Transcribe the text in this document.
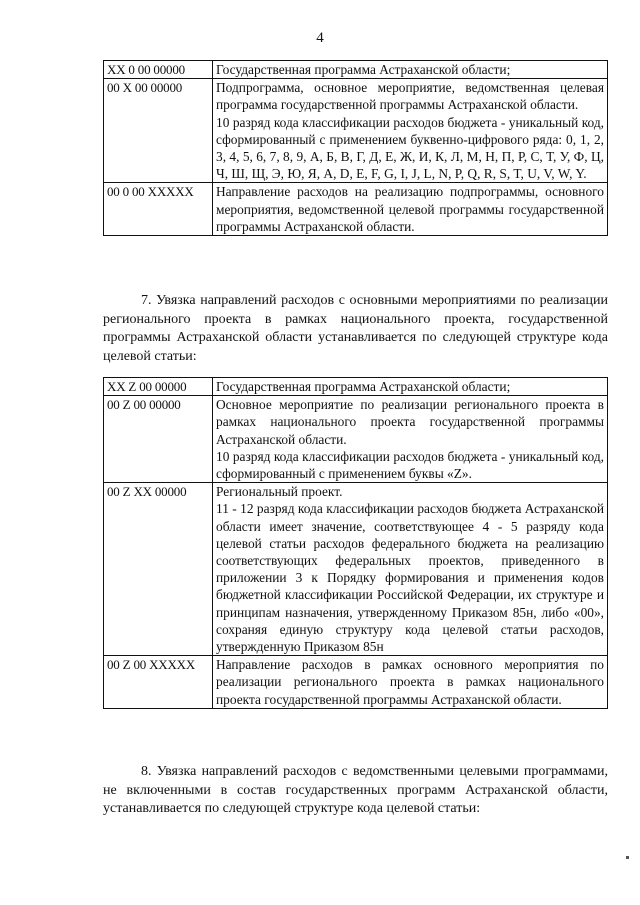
4
XX 0 00 00000	Государственная программа Астраханской области;

00 X 00 00000	Подпрограмма, основное мероприятие, ведомственная целевая программа государственной программы Астраханской области.
10 разряд кода классификации расходов бюджета - уникальный код, сформированный с применением буквенно-цифрового ряда: 0, 1, 2, 3, 4, 5, 6, 7, 8, 9, А, Б, В, Г, Д, Е, Ж, И, К, Л, М, Н, П, Р, С, Т, У, Ф, Ц, Ч, Ш, Щ, Э, Ю, Я, A, D, E, F, G, I, J, L, N, P, Q, R, S, T, U, V, W, Y.

00 0 00 XXXXX	Направление расходов на реализацию подпрограммы, основного мероприятия, ведомственной целевой программы государственной программы Астраханской области.
7. Увязка направлений расходов с основными мероприятиями по реализации регионального проекта в рамках национального проекта, государственной программы Астраханской области устанавливается по следующей структуре кода целевой статьи:
XX Z 00 00000	Государственная программа Астраханской области;

00 Z 00 00000	Основное мероприятие по реализации регионального проекта в рамках национального проекта государственной программы Астраханской области.
10 разряд кода классификации расходов бюджета - уникальный код, сформированный с применением буквы «Z».

00 Z XX 00000	Региональный проект.
11 - 12 разряд кода классификации расходов бюджета Астраханской области имеет значение, соответствующее 4 - 5 разряду кода целевой статьи расходов федерального бюджета на реализацию соответствующих федеральных проектов, приведенного в приложении 3 к Порядку формирования и применения кодов бюджетной классификации Российской Федерации, их структуре и принципам назначения, утвержденному Приказом 85н, либо «00», сохраняя единую структуру кода целевой статьи расходов, утвержденную Приказом 85н

00 Z 00 XXXXX	Направление расходов в рамках основного мероприятия по реализации регионального проекта в рамках национального проекта государственной программы Астраханской области.
8. Увязка направлений расходов с ведомственными целевыми программами, не включенными в состав государственных программ Астраханской области, устанавливается по следующей структуре кода целевой статьи:
